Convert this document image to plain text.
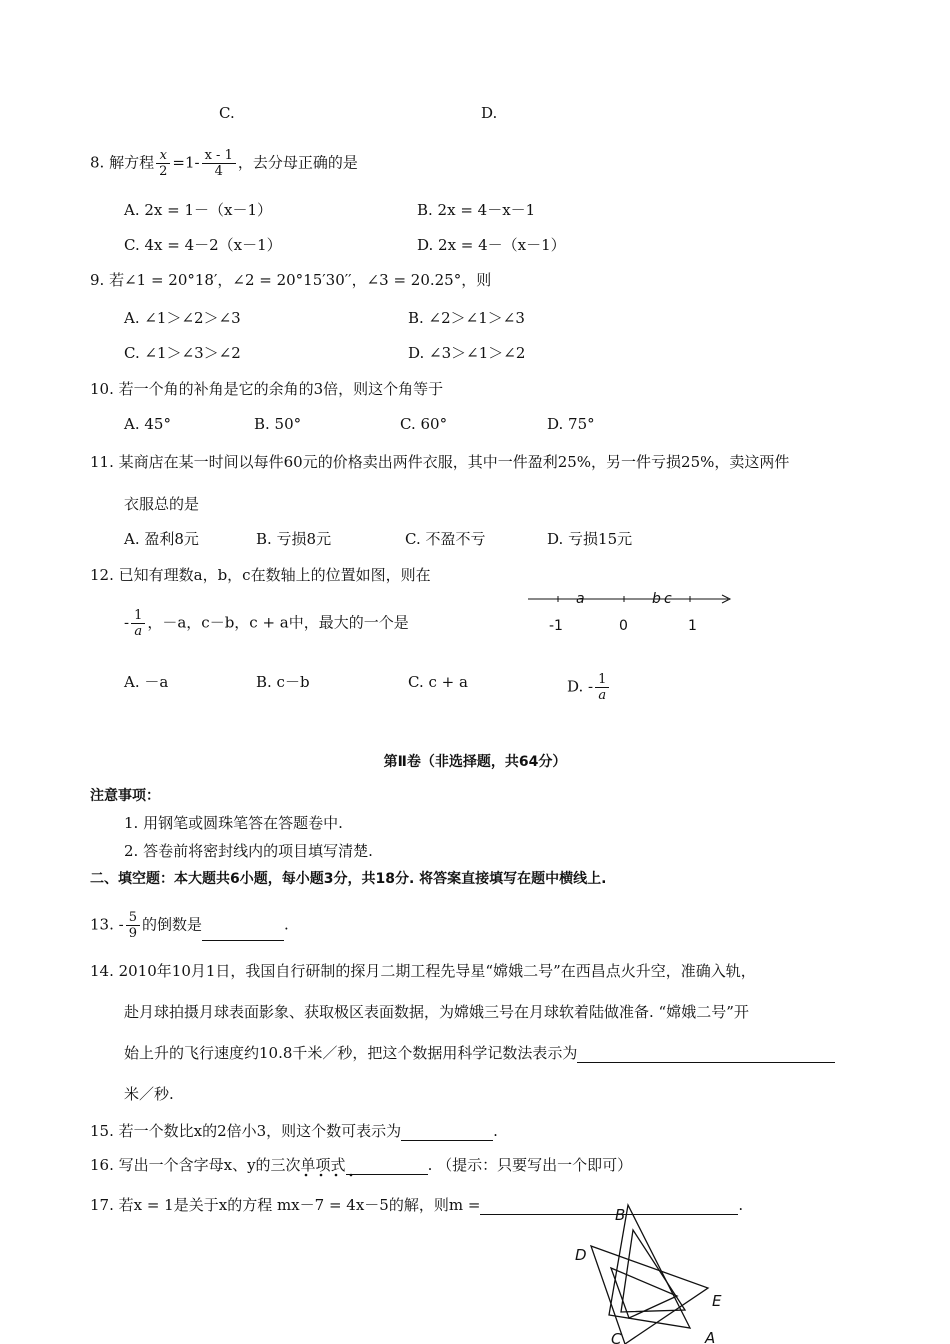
C.	D.
8. 解方程 $\frac{x}{2} =1- \frac{x - 1}{4}$ ，去分母正确的是
A. 2x = 1－（x－1）	B. 2x = 4－x－1
C. 4x = 4－2（x－1）	D. 2x = 4－（x－1）
9. 若∠1 = 20°18′，∠2 = 20°15′30′′，∠3 = 20.25°，则
A. ∠1＞∠2＞∠3	B. ∠2＞∠1＞∠3
C. ∠1＞∠3＞∠2	D. ∠3＞∠1＞∠2
10. 若一个角的补角是它的余角的3倍，则这个角等于
A. 45°	B. 50°	C. 60°	D. 75°
11. 某商店在某一时间以每件60元的价格卖出两件衣服，其中一件盈利25%，另一件亏损25%，卖这两件
衣服总的是
A. 盈利8元	B. 亏损8元	C. 不盈不亏	D. 亏损15元
12. 已知有理数a，b，c在数轴上的位置如图，则在
- $\frac{1}{a}$ ，－a，c－b，c + a中，最大的一个是
a	b c
-1	0	1
A. －a	B. c－b	C. c + a	D. - $\frac{1}{a}$
第Ⅱ卷（非选择题，共64分）
注意事项：
1. 用钢笔或圆珠笔答在答题卷中.
2. 答卷前将密封线内的项目填写清楚.
二、填空题：本大题共6小题，每小题3分，共18分. 将答案直接填写在题中横线上.
13. - $\frac{5}{9}$ 的倒数是	.
14. 2010年10月1日，我国自行研制的探月二期工程先导星“嫦娥二号”在西昌点火升空，准确入轨，
赴月球拍摄月球表面影象、获取极区表面数据，为嫦娥三号在月球软着陆做准备. “嫦娥二号”开
始上升的飞行速度约10.8千米／秒，把这个数据用科学记数法表示为
米／秒.
15. 若一个数比x的2倍小3，则这个数可表示为	.
16. 写出一个含字母x、y的三次单项式	. （提示：只要写出一个即可）
17. 若x = 1是关于x的方程 mx－7 = 4x－5的解，则m =	.
B
D
E
C	A
